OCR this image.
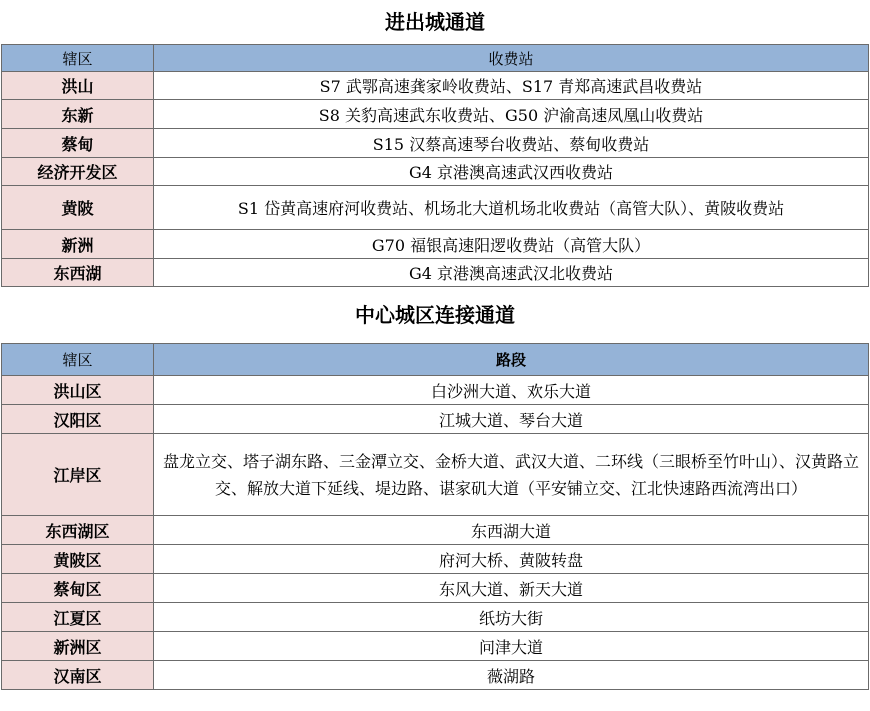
进出城通道
辖区	收费站
洪山	S7 武鄂高速龚家岭收费站、S17 青郑高速武昌收费站
东新	S8 关豹高速武东收费站、G50 沪渝高速凤凰山收费站
蔡甸	S15 汉蔡高速琴台收费站、蔡甸收费站
经济开发区	G4 京港澳高速武汉西收费站
黄陂	S1 岱黄高速府河收费站、机场北大道机场北收费站（高管大队）、黄陂收费站
新洲	G70 福银高速阳逻收费站（高管大队）
东西湖	G4 京港澳高速武汉北收费站
中心城区连接通道
辖区	路段
洪山区	白沙洲大道、欢乐大道
汉阳区	江城大道、琴台大道
江岸区	盘龙立交、塔子湖东路、三金潭立交、金桥大道、武汉大道、二环线（三眼桥至竹叶山）、汉黄路立交、解放大道下延线、堤边路、谌家矶大道（平安铺立交、江北快速路西流湾出口）
东西湖区	东西湖大道
黄陂区	府河大桥、黄陂转盘
蔡甸区	东风大道、新天大道
江夏区	纸坊大街
新洲区	问津大道
汉南区	薇湖路
